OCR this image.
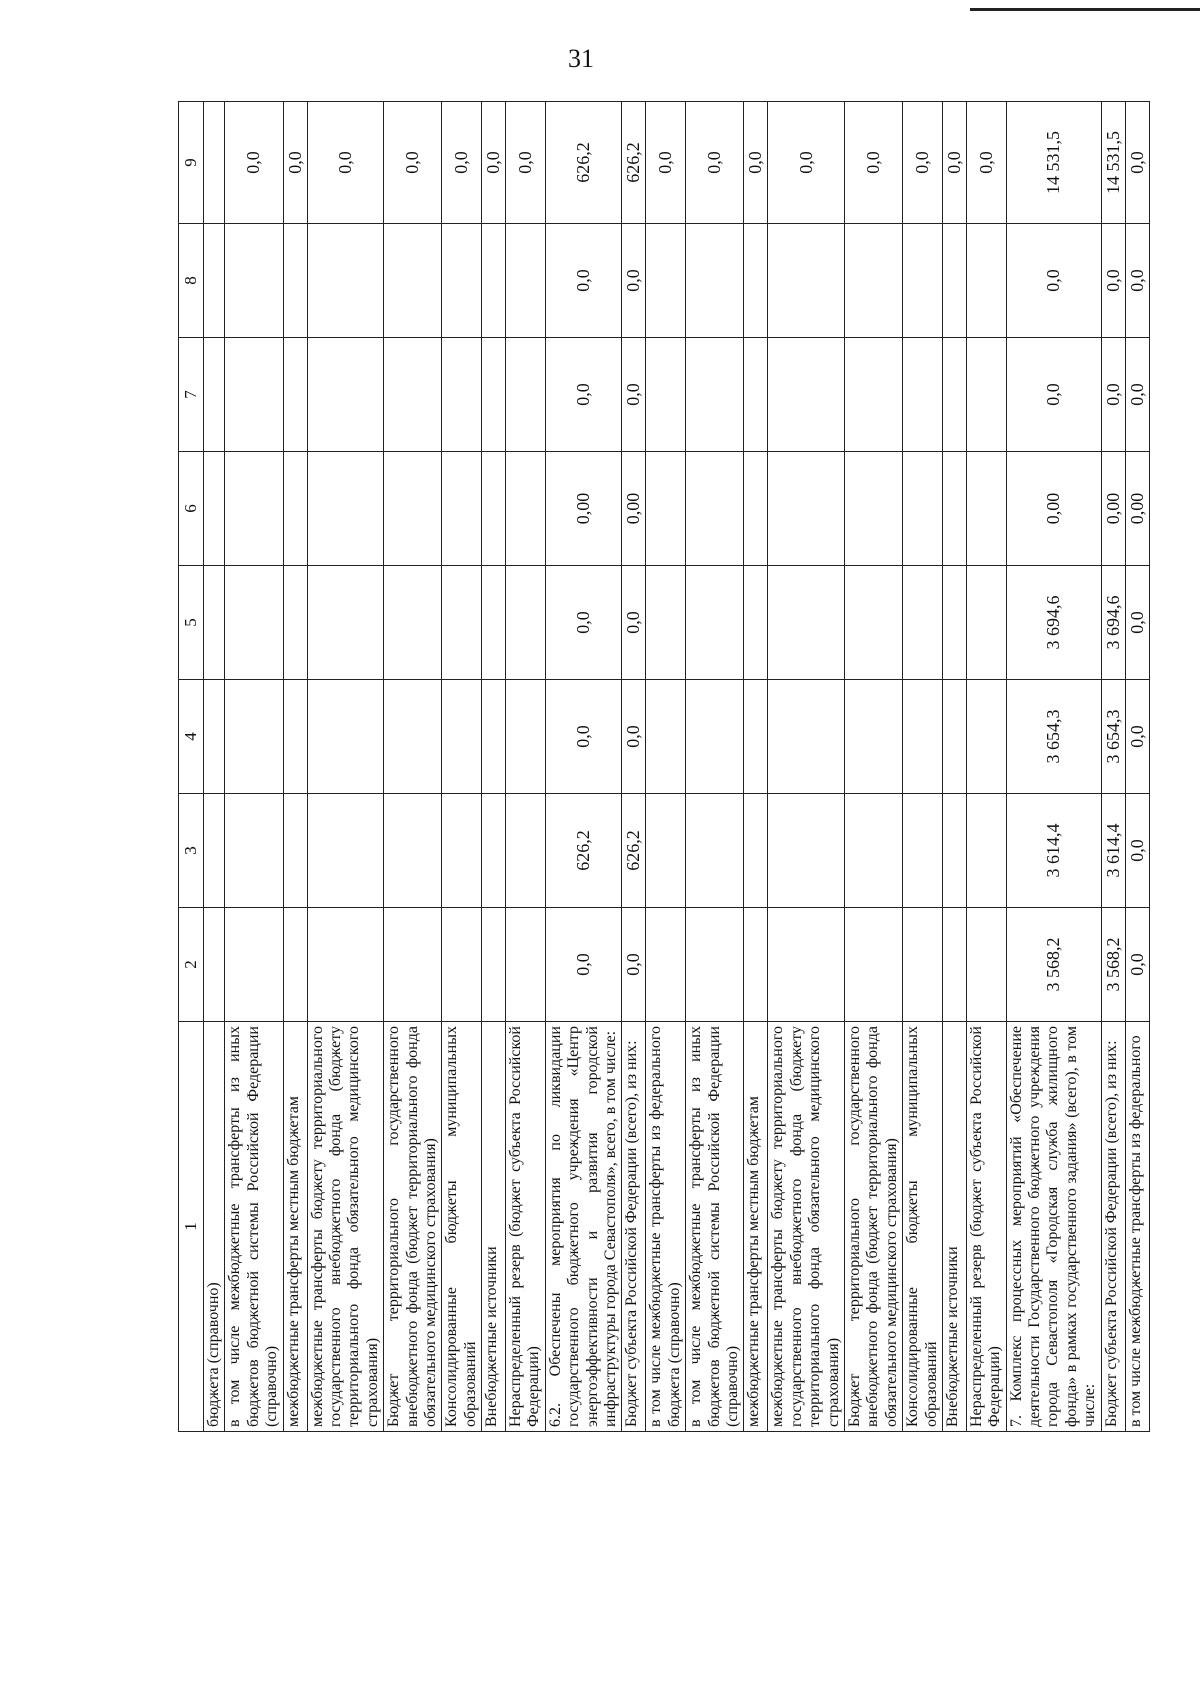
31
1	2	3	4	5	6	7	8	9
бюджета (справочно)								
в том числе межбюджетные трансферты из иных бюджетов бюджетной системы Российской Федерации (справочно)								0,0
межбюджетные трансферты местным бюджетам								0,0
межбюджетные трансферты бюджету территориального государственного внебюджетного фонда (бюджету территориального фонда обязательного медицинского страхования)								0,0
Бюджет территориального государственного внебюджетного фонда (бюджет территориального фонда обязательного медицинского страхования)								0,0
Консолидированные бюджеты муниципальных образований								0,0
Внебюджетные источники								0,0
Нераспределенный резерв (бюджет субъекта Российской Федерации)								0,0
6.2. Обеспечены мероприятия по ликвидации государственного бюджетного учреждения «Центр энергоэффективности и развития городской инфраструктуры города Севастополя», всего, в том числе:	0,0	626,2	0,0	0,0	0,00	0,0	0,0	626,2
Бюджет субъекта Российской Федерации (всего), из них:	0,0	626,2	0,0	0,0	0,00	0,0	0,0	626,2
в том числе межбюджетные трансферты из федерального бюджета (справочно)								0,0
в том числе межбюджетные трансферты из иных бюджетов бюджетной системы Российской Федерации (справочно)								0,0
межбюджетные трансферты местным бюджетам								0,0
межбюджетные трансферты бюджету территориального государственного внебюджетного фонда (бюджету территориального фонда обязательного медицинского страхования)								0,0
Бюджет территориального государственного внебюджетного фонда (бюджет территориального фонда обязательного медицинского страхования)								0,0
Консолидированные бюджеты муниципальных образований								0,0
Внебюджетные источники								0,0
Нераспределенный резерв (бюджет субъекта Российской Федерации)								0,0
7. Комплекс процессных мероприятий «Обеспечение деятельности Государственного бюджетного учреждения города Севастополя «Городская служба жилищного фонда» в рамках государственного задания» (всего), в том числе:	3 568,2	3 614,4	3 654,3	3 694,6	0,00	0,0	0,0	14 531,5
Бюджет субъекта Российской Федерации (всего), из них:	3 568,2	3 614,4	3 654,3	3 694,6	0,00	0,0	0,0	14 531,5
в том числе межбюджетные трансферты из федерального	0,0	0,0	0,0	0,0	0,00	0,0	0,0	0,0
